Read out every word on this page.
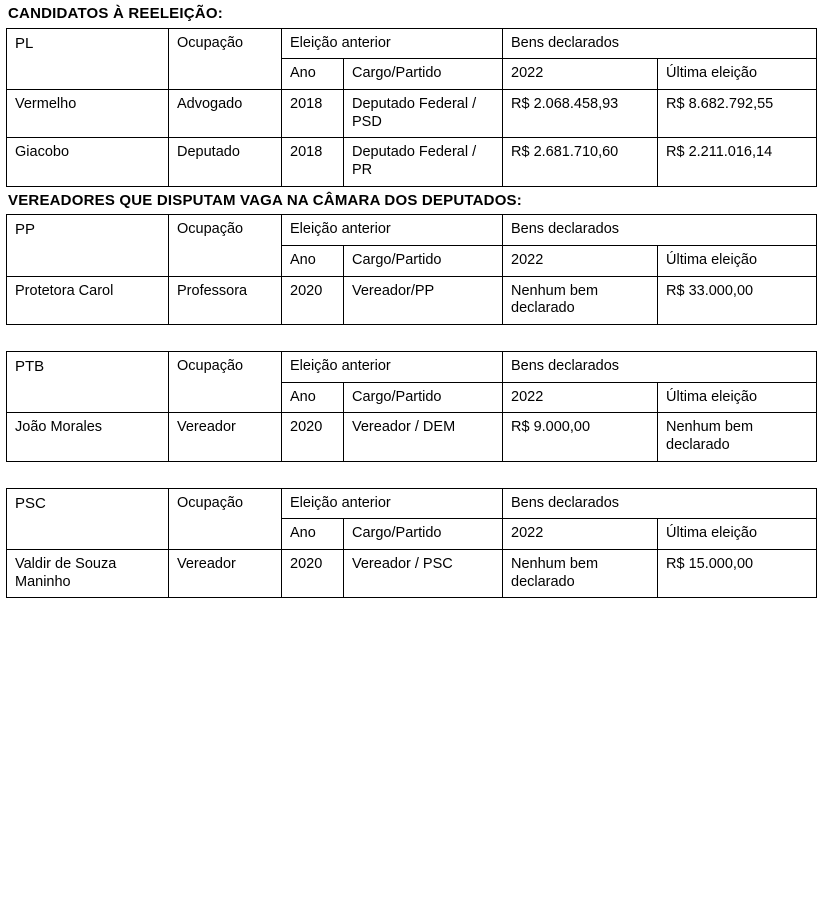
CANDIDATOS À REELEIÇÃO:
PL	Ocupação	Eleição anterior		Bens declarados	
		Ano	Cargo/Partido	2022	Última eleição
Vermelho	Advogado	2018	Deputado Federal / PSD	R$ 2.068.458,93	R$ 8.682.792,55
Giacobo	Deputado	2018	Deputado Federal / PR	R$ 2.681.710,60	R$ 2.211.016,14
VEREADORES QUE DISPUTAM VAGA NA CÂMARA DOS DEPUTADOS:
PP	Ocupação	Eleição anterior		Bens declarados	
		Ano	Cargo/Partido	2022	Última eleição
Protetora Carol	Professora	2020	Vereador/PP	Nenhum bem declarado	R$ 33.000,00
PTB	Ocupação	Eleição anterior		Bens declarados	
		Ano	Cargo/Partido	2022	Última eleição
João Morales	Vereador	2020	Vereador / DEM	R$ 9.000,00	Nenhum bem declarado
PSC	Ocupação	Eleição anterior		Bens declarados	
		Ano	Cargo/Partido	2022	Última eleição
Valdir de Souza Maninho	Vereador	2020	Vereador / PSC	Nenhum bem declarado	R$ 15.000,00
